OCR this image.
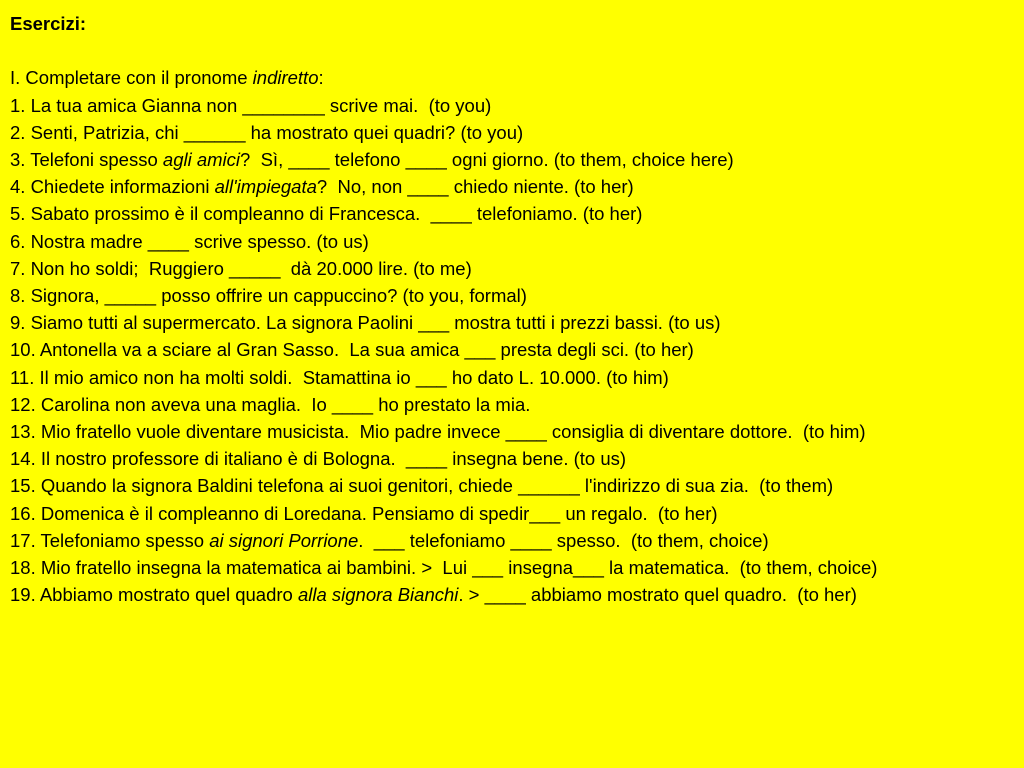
Esercizi:

I. Completare con il pronome indiretto:

1. La tua amica Gianna non ________ scrive mai.  (to you)

2. Senti, Patrizia, chi ______ ha mostrato quei quadri? (to you)

3. Telefoni spesso agli amici?  Sì, ____ telefono ____ ogni giorno. (to them, choice here)

4. Chiedete informazioni all'impiegata?  No, non ____ chiedo niente. (to her)

5. Sabato prossimo è il compleanno di Francesca.  ____ telefoniamo. (to her)

6. Nostra madre ____ scrive spesso. (to us)

7. Non ho soldi;  Ruggiero _____  dà 20.000 lire. (to me)

8. Signora, _____ posso offrire un cappuccino? (to you, formal)

9. Siamo tutti al supermercato. La signora Paolini ___ mostra tutti i prezzi bassi. (to us)

10. Antonella va a sciare al Gran Sasso.  La sua amica ___ presta degli sci. (to her)

11. Il mio amico non ha molti soldi.  Stamattina io ___ ho dato L. 10.000. (to him)

12. Carolina non aveva una maglia.  Io ____ ho prestato la mia.

13. Mio fratello vuole diventare musicista.  Mio padre invece ____ consiglia di diventare dottore.  (to him)

14. Il nostro professore di italiano è di Bologna.  ____ insegna bene. (to us)

15. Quando la signora Baldini telefona ai suoi genitori, chiede ______ l'indirizzo di sua zia.  (to them)

16. Domenica è il compleanno di Loredana. Pensiamo di spedir___ un regalo.  (to her)

17. Telefoniamo spesso ai signori Porrione.  ___ telefoniamo ____ spesso.  (to them, choice)

18. Mio fratello insegna la matematica ai bambini. >  Lui ___ insegna___ la matematica.  (to them, choice)

19. Abbiamo mostrato quel quadro alla signora Bianchi. > ____ abbiamo mostrato quel quadro.  (to her)
